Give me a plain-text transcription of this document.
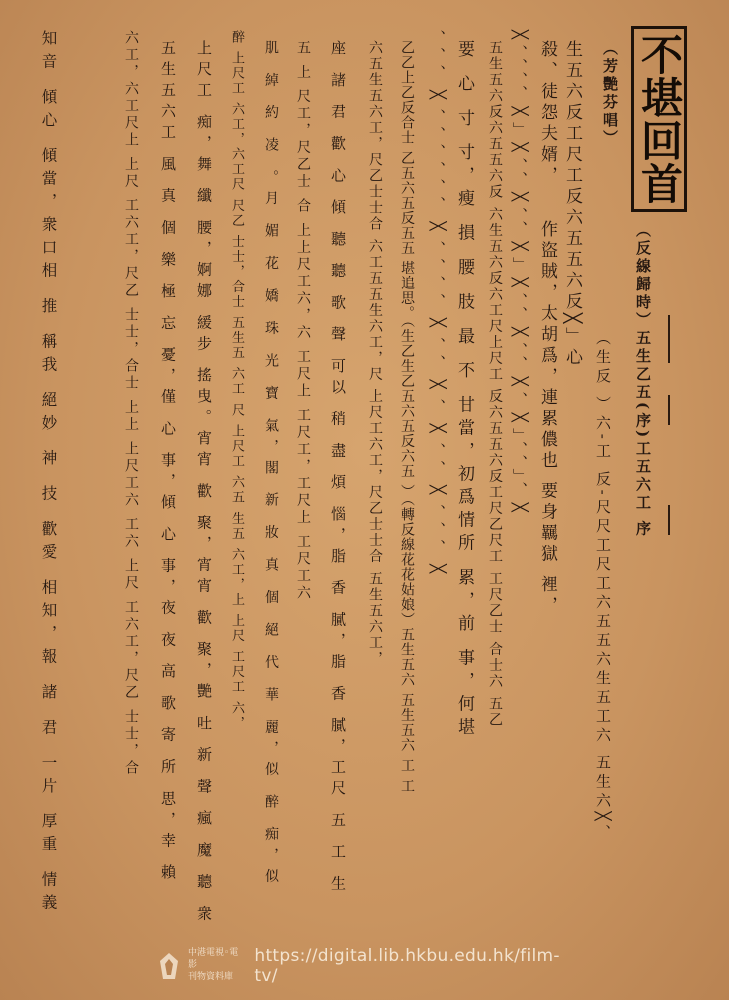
不堪回首
（反線歸時）五生乙五(序)工五六工 序
（芳艷芬唱）
生五六反工尺工反六五五六反╳」心
殺、徒怨夫婿，
（生反 ）六-工 反-尺尺工尺工六五五六生五工六 五生六╳、
作盜賊，太胡爲，連累儂也 要身羈獄 裡，
╳、、、、╳」╳、、╳、、╳」╳、、╳、、╳、╳」、、」、╳
五生五六反六五五六反 六生五六反六工尺上尺工 反六五五六反工尺乙尺工 工尺乙士 合士六 五乙
要 心 寸 寸，瘦 損 腰 肢 最 不 甘當，初爲情所 累，前 事，何堪
、、、╳、、、、、、╳、、、、╳、、╳、╳、、╳、、、╳
乙乙上乙反合士 乙五六五反五五 堪追思。（生乙生乙五六五反六五 ）（轉反線花花姑娘）五生五六 五生五六 工 工
六五生五六工，尺乙士士合 六工五五生六工，尺 上尺工六工，尺乙士士合 五生五六工，
座 諸 君 歡 心 傾 聽 聽 歌 聲 可以 稍 盡 煩 惱，脂 香 膩，脂 香 膩，工尺 五 工 生
五 上 尺工，尺乙士 合 上上尺工六，六 工尺上 工尺工，工尺上 工尺工六
肌 綽 約 凌 。月 媚 花 嬌 珠 光 寶 氣，閣 新 妝 真 個 絕 代 華 麗，似 醉 痴，似
醉 上尺工 六工，六工尺 尺乙 士士，合士 五生五 六工 尺 上尺工 六五 生五 六工，上 上尺 工尺工 六，
上尺工 痴，舞 纖 腰，婀娜 緩步 搖曳。宵宵 歡 聚，宵宵 歡 聚，艷 吐 新 聲 瘋 魔 聽 衆
五生五六工 風 真 個 樂 極 忘 憂，僅 心 事，傾 心 事，夜 夜 高 歌 寄 所 思，幸 賴
六工，六工尺上 上尺 工六工，尺乙 士士，合士 上上 上尺工六 工六 上尺 工六工，尺乙 士士，合
知音 傾心 傾當，衆口相 推 稱我 絕妙 神 技 歡愛 相知，報 諸 君 一片 厚重 情義
中港電視◦電影
刊物資料庫
https://digital.lib.hkbu.edu.hk/film-tv/
